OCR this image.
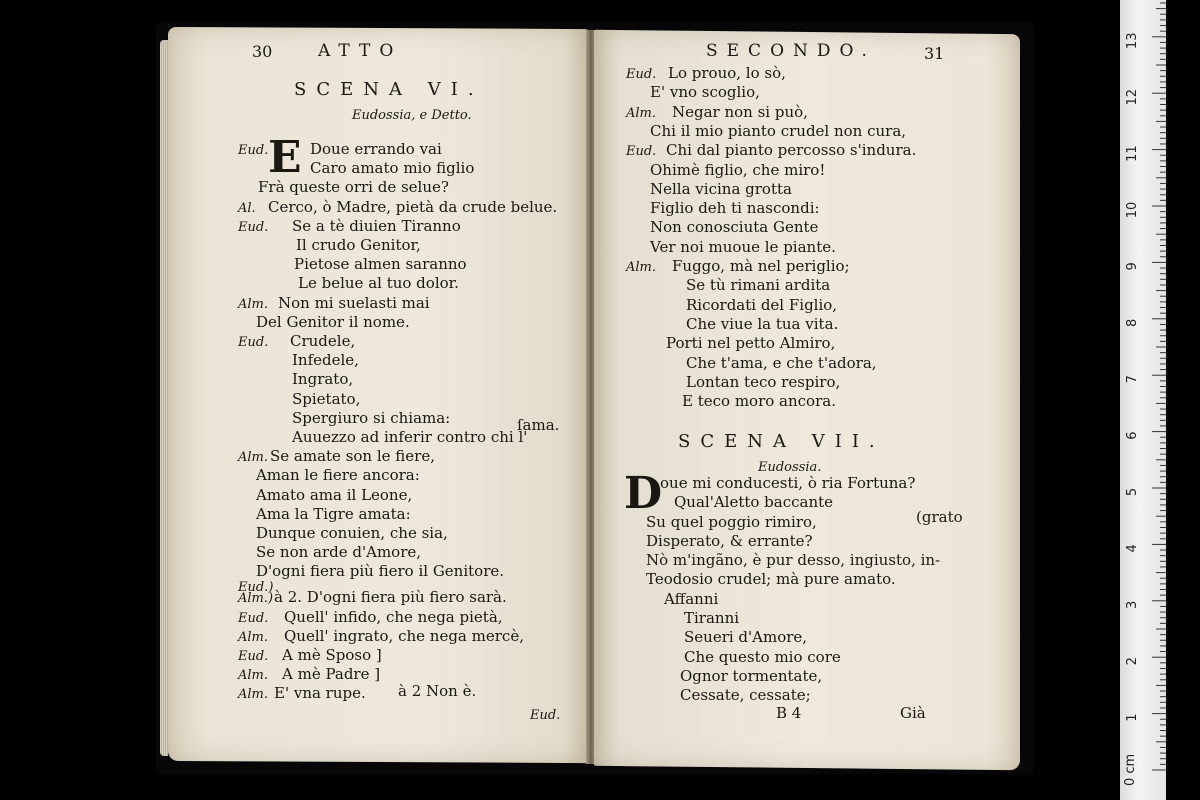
30	ATTO
SCENA VI.
Eudossia, e Detto.
E
Eud.	Doue errando vai
Caro amato mio figlio
Frà queste orri de selue?
Al. Cerco, ò Madre, pietà da crude belue.
Eud. Se a tè diuien Tiranno
Il crudo Genitor,
Pietose almen saranno
Le belue al tuo dolor.
Alm. Non mi suelasti mai
Del Genitor il nome.
Eud. Crudele,
Infedele,
Ingrato,
Spietato,
Spergiuro si chiama:
Auuezzo ad inferir contro chi l'
Alm. Se amate son le fiere,
Aman le fiere ancora:
Amato ama il Leone,
Ama la Tigre amata:
Dunque conuien, che sia,
Se non arde d'Amore,
D'ogni fiera più fiero il Genitore.
Eud.)
Alm.) à 2. D'ogni fiera più fiero sarà.
Eud. Quell' infido, che nega pietà,
Alm. Quell' ingrato, che nega mercè,
Eud. A mè Sposo ]
Alm. A mè Padre ]
Alm. E' vna rupe.
ſama.
à 2 Non è.
Eud.
SECONDO.	31
Eud. Lo prouo, lo sò,
E' vno scoglio,
Alm. Negar non si può,
Chi il mio pianto crudel non cura,
Eud. Chi dal pianto percosso s'indura.
Ohimè figlio, che miro!
Nella vicina grotta
Figlio deh ti nascondi:
Non conosciuta Gente
Ver noi muoue le piante.
Alm. Fuggo, mà nel periglio;
Se tù rimani ardita
Ricordati del Figlio,
Che viue la tua vita.
Porti nel petto Almiro,
Che t'ama, e che t'adora,
Lontan teco respiro,
E teco moro ancora.
SCENA VII.
Eudossia.
D
oue mi conducesti, ò ria Fortuna?
Qual'Aletto baccante
Su quel poggio rimiro,
Disperato, & errante?
Nò m'ingãno, è pur desso, ingiusto, in-
Teodosio crudel; mà pure amato.
Affanni
Tiranni
Seueri d'Amore,
Che questo mio core
Ognor tormentate,
Cessate, cessate;
(grato
B 4	Già
0 cm
1
2
3
4
5
6
7
8
9
10
11
12
13
